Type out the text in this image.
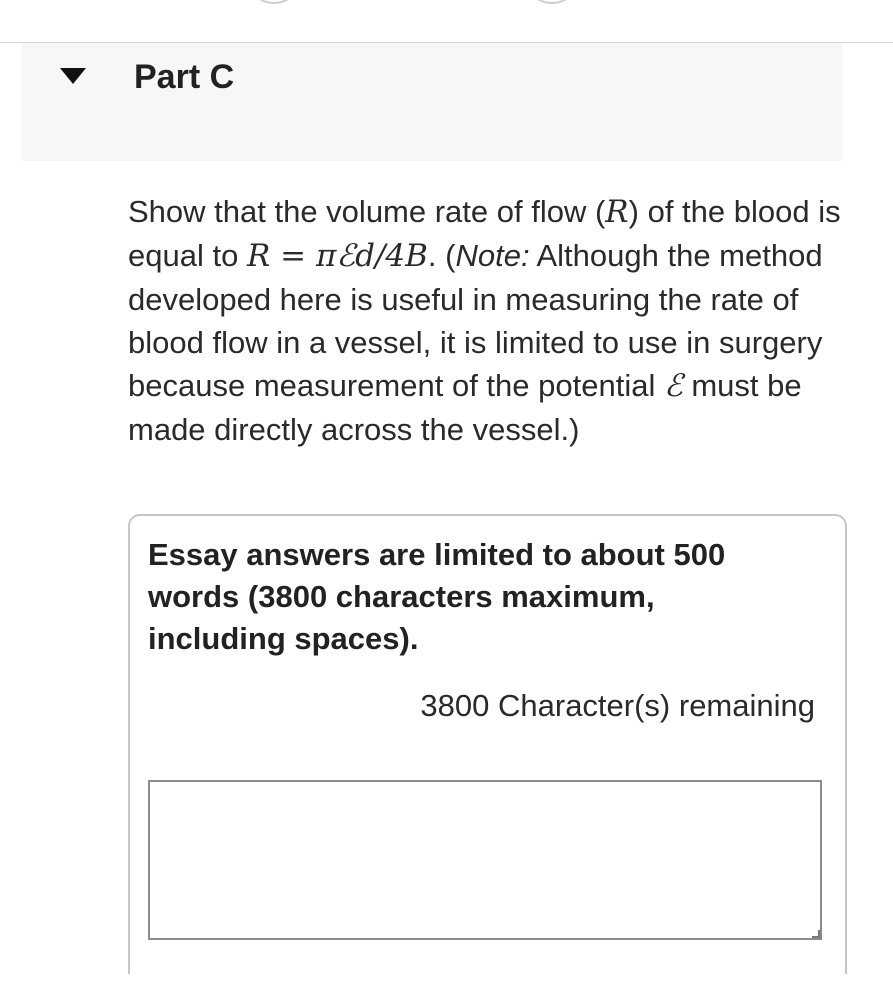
Part C

Show that the volume rate of flow (R) of the blood is equal to R = πℰd/4B. (Note: Although the method developed here is useful in measuring the rate of blood flow in a vessel, it is limited to use in surgery because measurement of the potential ℰ must be made directly across the vessel.)

Essay answers are limited to about 500 words (3800 characters maximum, including spaces).

3800 Character(s) remaining
